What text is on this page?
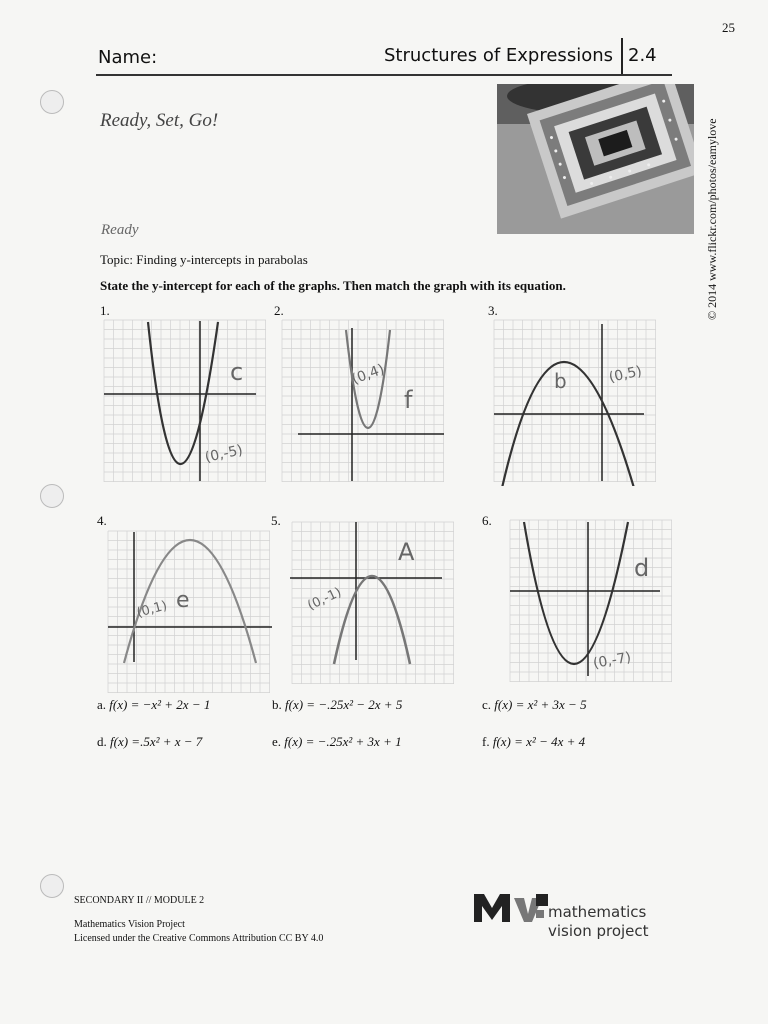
25
Name:	Structures of Expressions 2.4
Ready, Set, Go!	© 2014 www.flickr.com/photos/eamylove
Ready
Topic: Finding y-intercepts in parabolas
State the y-intercept for each of the graphs. Then match the graph with its equation.
1.	2.	3.
4.	5.	6.
c
(0,-5)
(0,4)
f
b	(0,5)
(0,1) e
A
(0,-1)
d
(0,-7)
a. f(x) = −x² + 2x − 1	b. f(x) = −.25x² − 2x + 5	c. f(x) = x² + 3x − 5
d. f(x) =.5x² + x − 7	e. f(x) = −.25x² + 3x + 1	f. f(x) = x² − 4x + 4
SECONDARY II // MODULE 2
Mathematics Vision Project
Licensed under the Creative Commons Attribution CC BY 4.0
mathematics
vision project
